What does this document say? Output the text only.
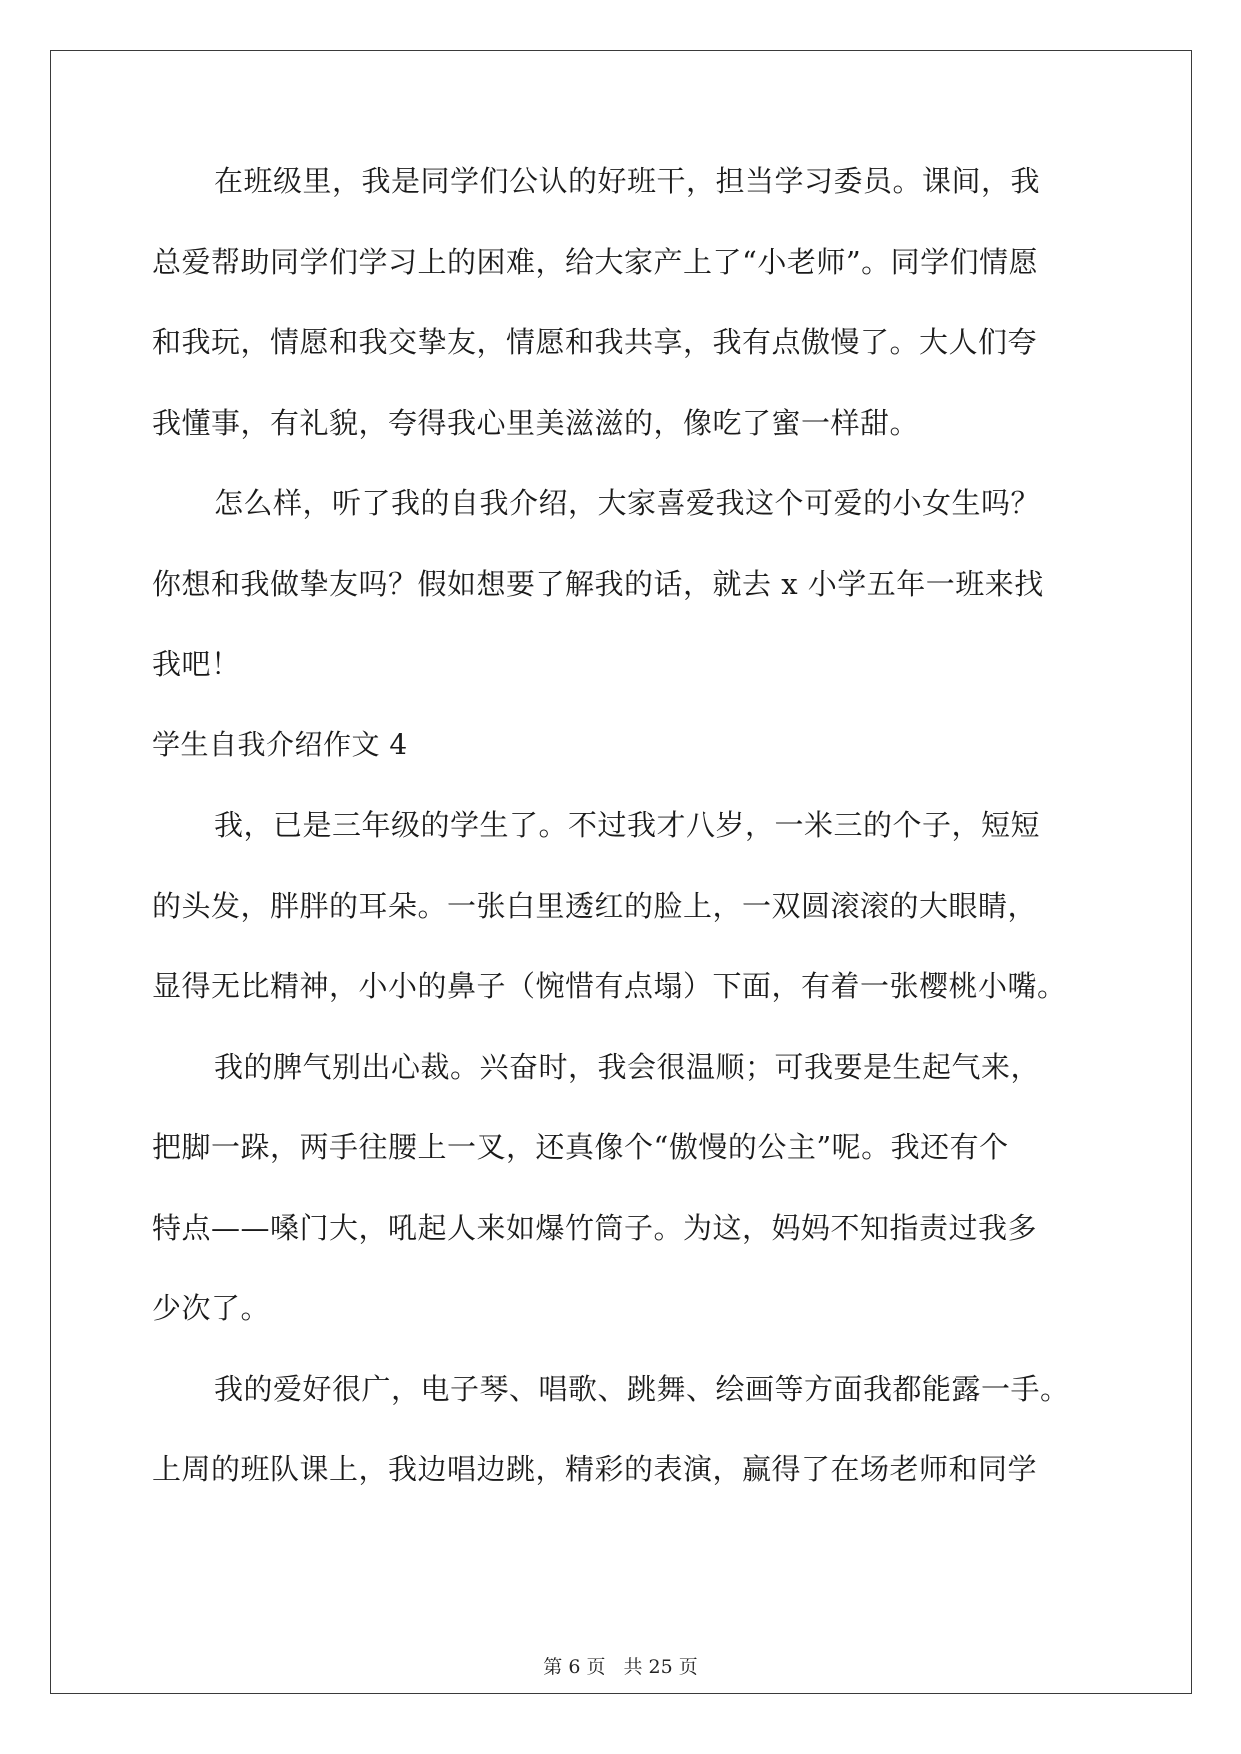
在班级里，我是同学们公认的好班干，担当学习委员。课间，我
总爱帮助同学们学习上的困难，给大家产上了“小老师”。同学们情愿
和我玩，情愿和我交挚友，情愿和我共享，我有点傲慢了。大人们夸
我懂事，有礼貌，夸得我心里美滋滋的，像吃了蜜一样甜。
怎么样，听了我的自我介绍，大家喜爱我这个可爱的小女生吗？
你想和我做挚友吗？假如想要了解我的话，就去 x 小学五年一班来找
我吧！
学生自我介绍作文 4
我，已是三年级的学生了。不过我才八岁，一米三的个子，短短
的头发，胖胖的耳朵。一张白里透红的脸上，一双圆滚滚的大眼睛，
显得无比精神，小小的鼻子（惋惜有点塌）下面，有着一张樱桃小嘴。
我的脾气别出心裁。兴奋时，我会很温顺；可我要是生起气来，
把脚一跺，两手往腰上一叉，还真像个“傲慢的公主”呢。我还有个
特点——嗓门大，吼起人来如爆竹筒子。为这，妈妈不知指责过我多
少次了。
我的爱好很广，电子琴、唱歌、跳舞、绘画等方面我都能露一手。
上周的班队课上，我边唱边跳，精彩的表演，赢得了在场老师和同学
第 6 页 共 25 页
